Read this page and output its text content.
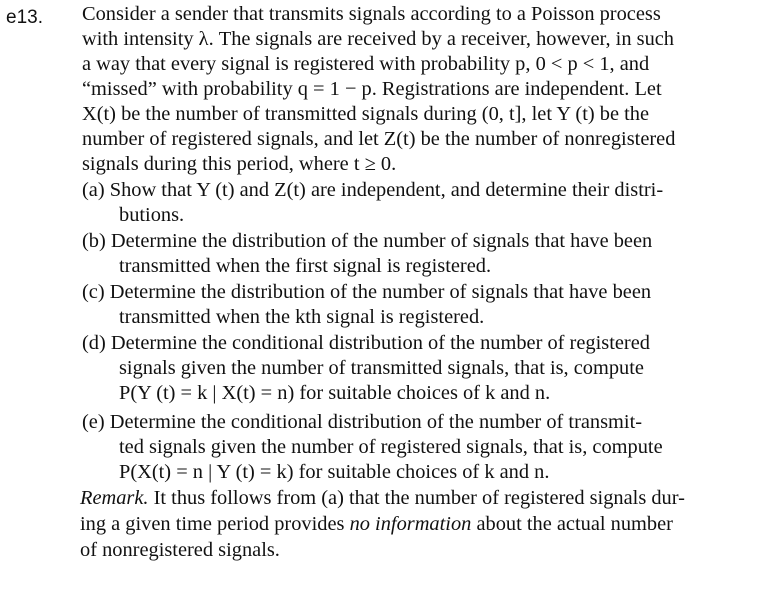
e13. Consider a sender that transmits signals according to a Poisson process
with intensity λ. The signals are received by a receiver, however, in such
a way that every signal is registered with probability p, 0 < p < 1, and
“missed” with probability q = 1 − p. Registrations are independent. Let
X(t) be the number of transmitted signals during (0, t], let Y (t) be the
number of registered signals, and let Z(t) be the number of nonregistered
signals during this period, where t ≥ 0.
(a) Show that Y (t) and Z(t) are independent, and determine their distri-
butions.
(b) Determine the distribution of the number of signals that have been
transmitted when the first signal is registered.
(c) Determine the distribution of the number of signals that have been
transmitted when the kth signal is registered.
(d) Determine the conditional distribution of the number of registered
signals given the number of transmitted signals, that is, compute
P(Y (t) = k | X(t) = n) for suitable choices of k and n.
(e) Determine the conditional distribution of the number of transmit-
ted signals given the number of registered signals, that is, compute
P(X(t) = n | Y (t) = k) for suitable choices of k and n.
Remark. It thus follows from (a) that the number of registered signals dur-
ing a given time period provides no information about the actual number
of nonregistered signals.
